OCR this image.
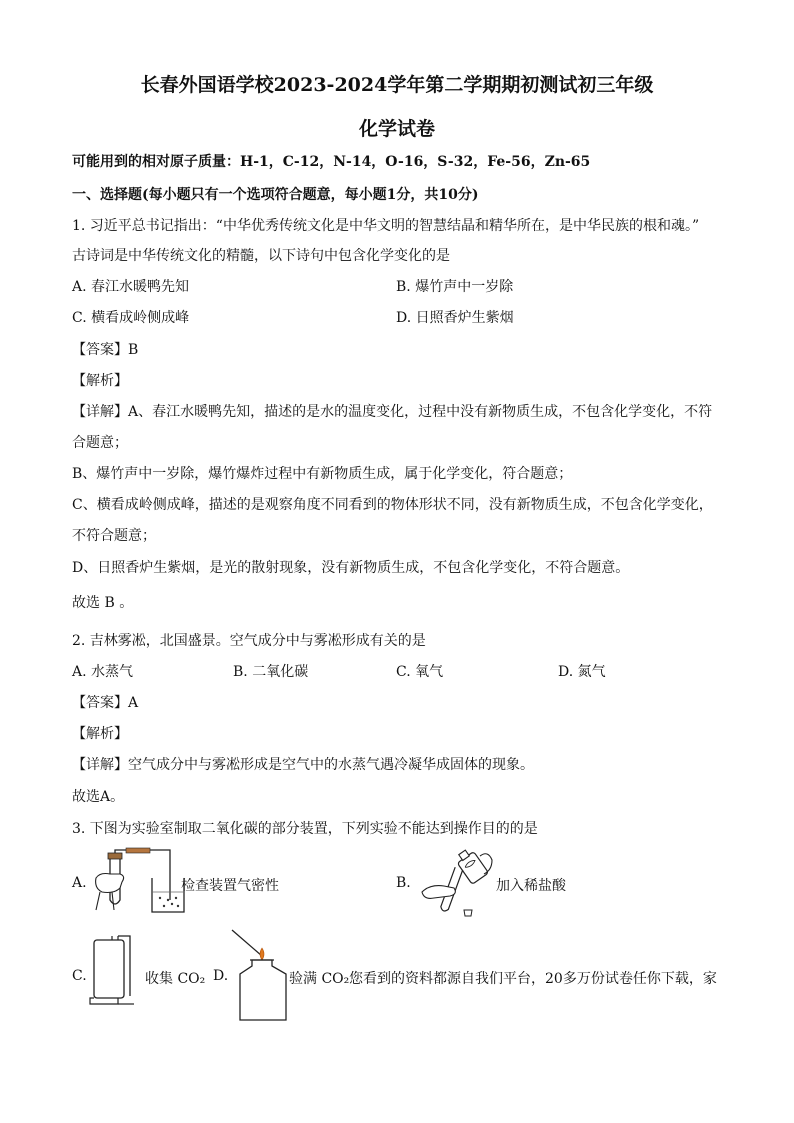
长春外国语学校2023-2024学年第二学期期初测试初三年级
化学试卷
可能用到的相对原子质量：H-1，C-12，N-14，O-16，S-32，Fe-56，Zn-65
一、选择题(每小题只有一个选项符合题意，每小题1分，共10分)
1. 习近平总书记指出：“中华优秀传统文化是中华文明的智慧结晶和精华所在，是中华民族的根和魂。”
古诗词是中华传统文化的精髓，以下诗句中包含化学变化的是
A. 春江水暖鸭先知	B. 爆竹声中一岁除
C. 横看成岭侧成峰	D. 日照香炉生紫烟
【答案】B
【解析】
【详解】A、春江水暖鸭先知，描述的是水的温度变化，过程中没有新物质生成，不包含化学变化，不符
合题意；
B、爆竹声中一岁除，爆竹爆炸过程中有新物质生成，属于化学变化，符合题意；
C、横看成岭侧成峰，描述的是观察角度不同看到的物体形状不同，没有新物质生成，不包含化学变化，
不符合题意；
D、日照香炉生紫烟，是光的散射现象，没有新物质生成，不包含化学变化，不符合题意。
故选 B 。
2. 吉林雾凇，北国盛景。空气成分中与雾凇形成有关的是
A. 水蒸气	B. 二氧化碳	C. 氧气	D. 氮气
【答案】A
【解析】
【详解】空气成分中与雾凇形成是空气中的水蒸气遇冷凝华成固体的现象。
故选A。
3. 下图为实验室制取二氧化碳的部分装置，下列实验不能达到操作目的的是
A.	检查装置气密性	B.	加入稀盐酸
C.	收集 CO₂ D.	验满 CO₂ 您看到的资料都源自我们平台，20多万份试卷任你下载，家
